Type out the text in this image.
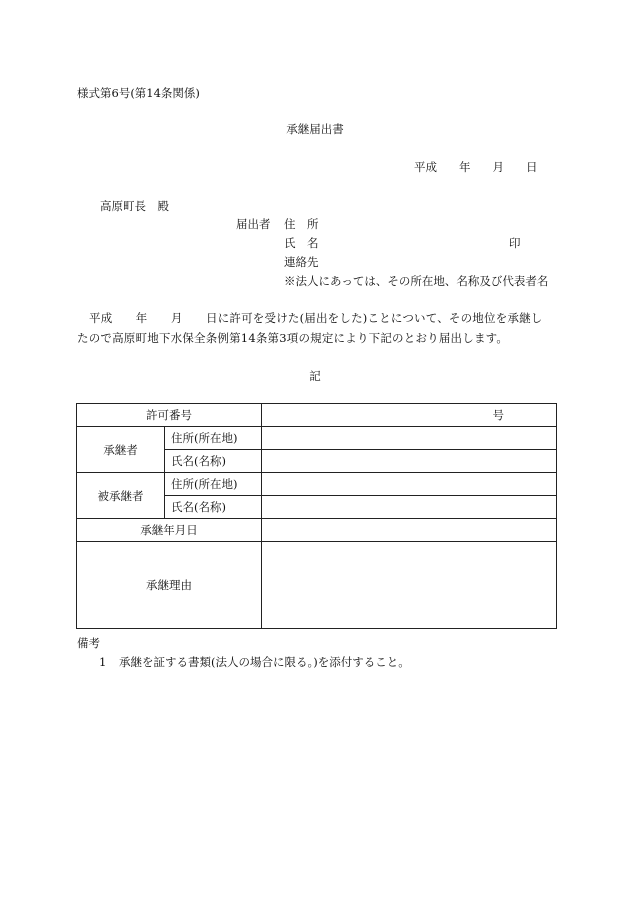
様式第6号(第14条関係)
承継届出書
平成 年 月 日
高原町長　殿
届出者 住　所
氏　名	印
連絡先
※法人にあっては、その所在地、名称及び代表者名
平成　　年　　月　　日に許可を受けた(届出をした)ことについて、その地位を承継し
たので高原町地下水保全条例第14条第3項の規定により下記のとおり届出します。
記
許可番号		号
承継者	住所(所在地)	
	氏名(名称)	
被承継者	住所(所在地)	
	氏名(名称)	
承継年月日		
承継理由		
備考
1 承継を証する書類(法人の場合に限る。)を添付すること。
